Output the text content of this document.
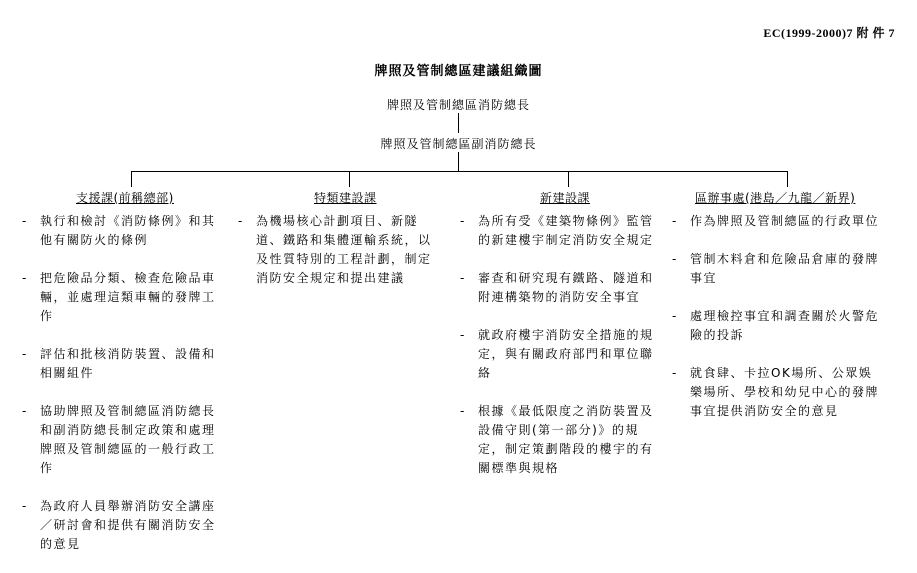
EC(1999-2000)7 附 件 7
牌照及管制總區建議組織圖
牌照及管制總區消防總長
牌照及管制總區副消防總長
支援課(前稱總部)	特類建設課	新建設課	區辦事處(港島／九龍／新界)
- 執行和檢討《消防條例》和其他有關防火的條例
- 把危險品分類、檢查危險品車輛，並處理這類車輛的發牌工作
- 評估和批核消防裝置、設備和相關組件
- 協助牌照及管制總區消防總長和副消防總長制定政策和處理牌照及管制總區的一般行政工作
- 為政府人員舉辦消防安全講座／研討會和提供有關消防安全的意見
- 為機場核心計劃項目、新隧道、鐵路和集體運輸系統，以及性質特別的工程計劃，制定消防安全規定和提出建議
- 為所有受《建築物條例》監管的新建樓宇制定消防安全規定
- 審查和研究現有鐵路、隧道和附連構築物的消防安全事宜
- 就政府樓宇消防安全措施的規定，與有關政府部門和單位聯絡
- 根據《最低限度之消防裝置及設備守則(第一部分)》的規定，制定策劃階段的樓宇的有關標準與規格
- 作為牌照及管制總區的行政單位
- 管制木料倉和危險品倉庫的發牌事宜
- 處理檢控事宜和調查關於火警危險的投訴
- 就食肆、卡拉OK場所、公眾娛樂場所、學校和幼兒中心的發牌事宜提供消防安全的意見
